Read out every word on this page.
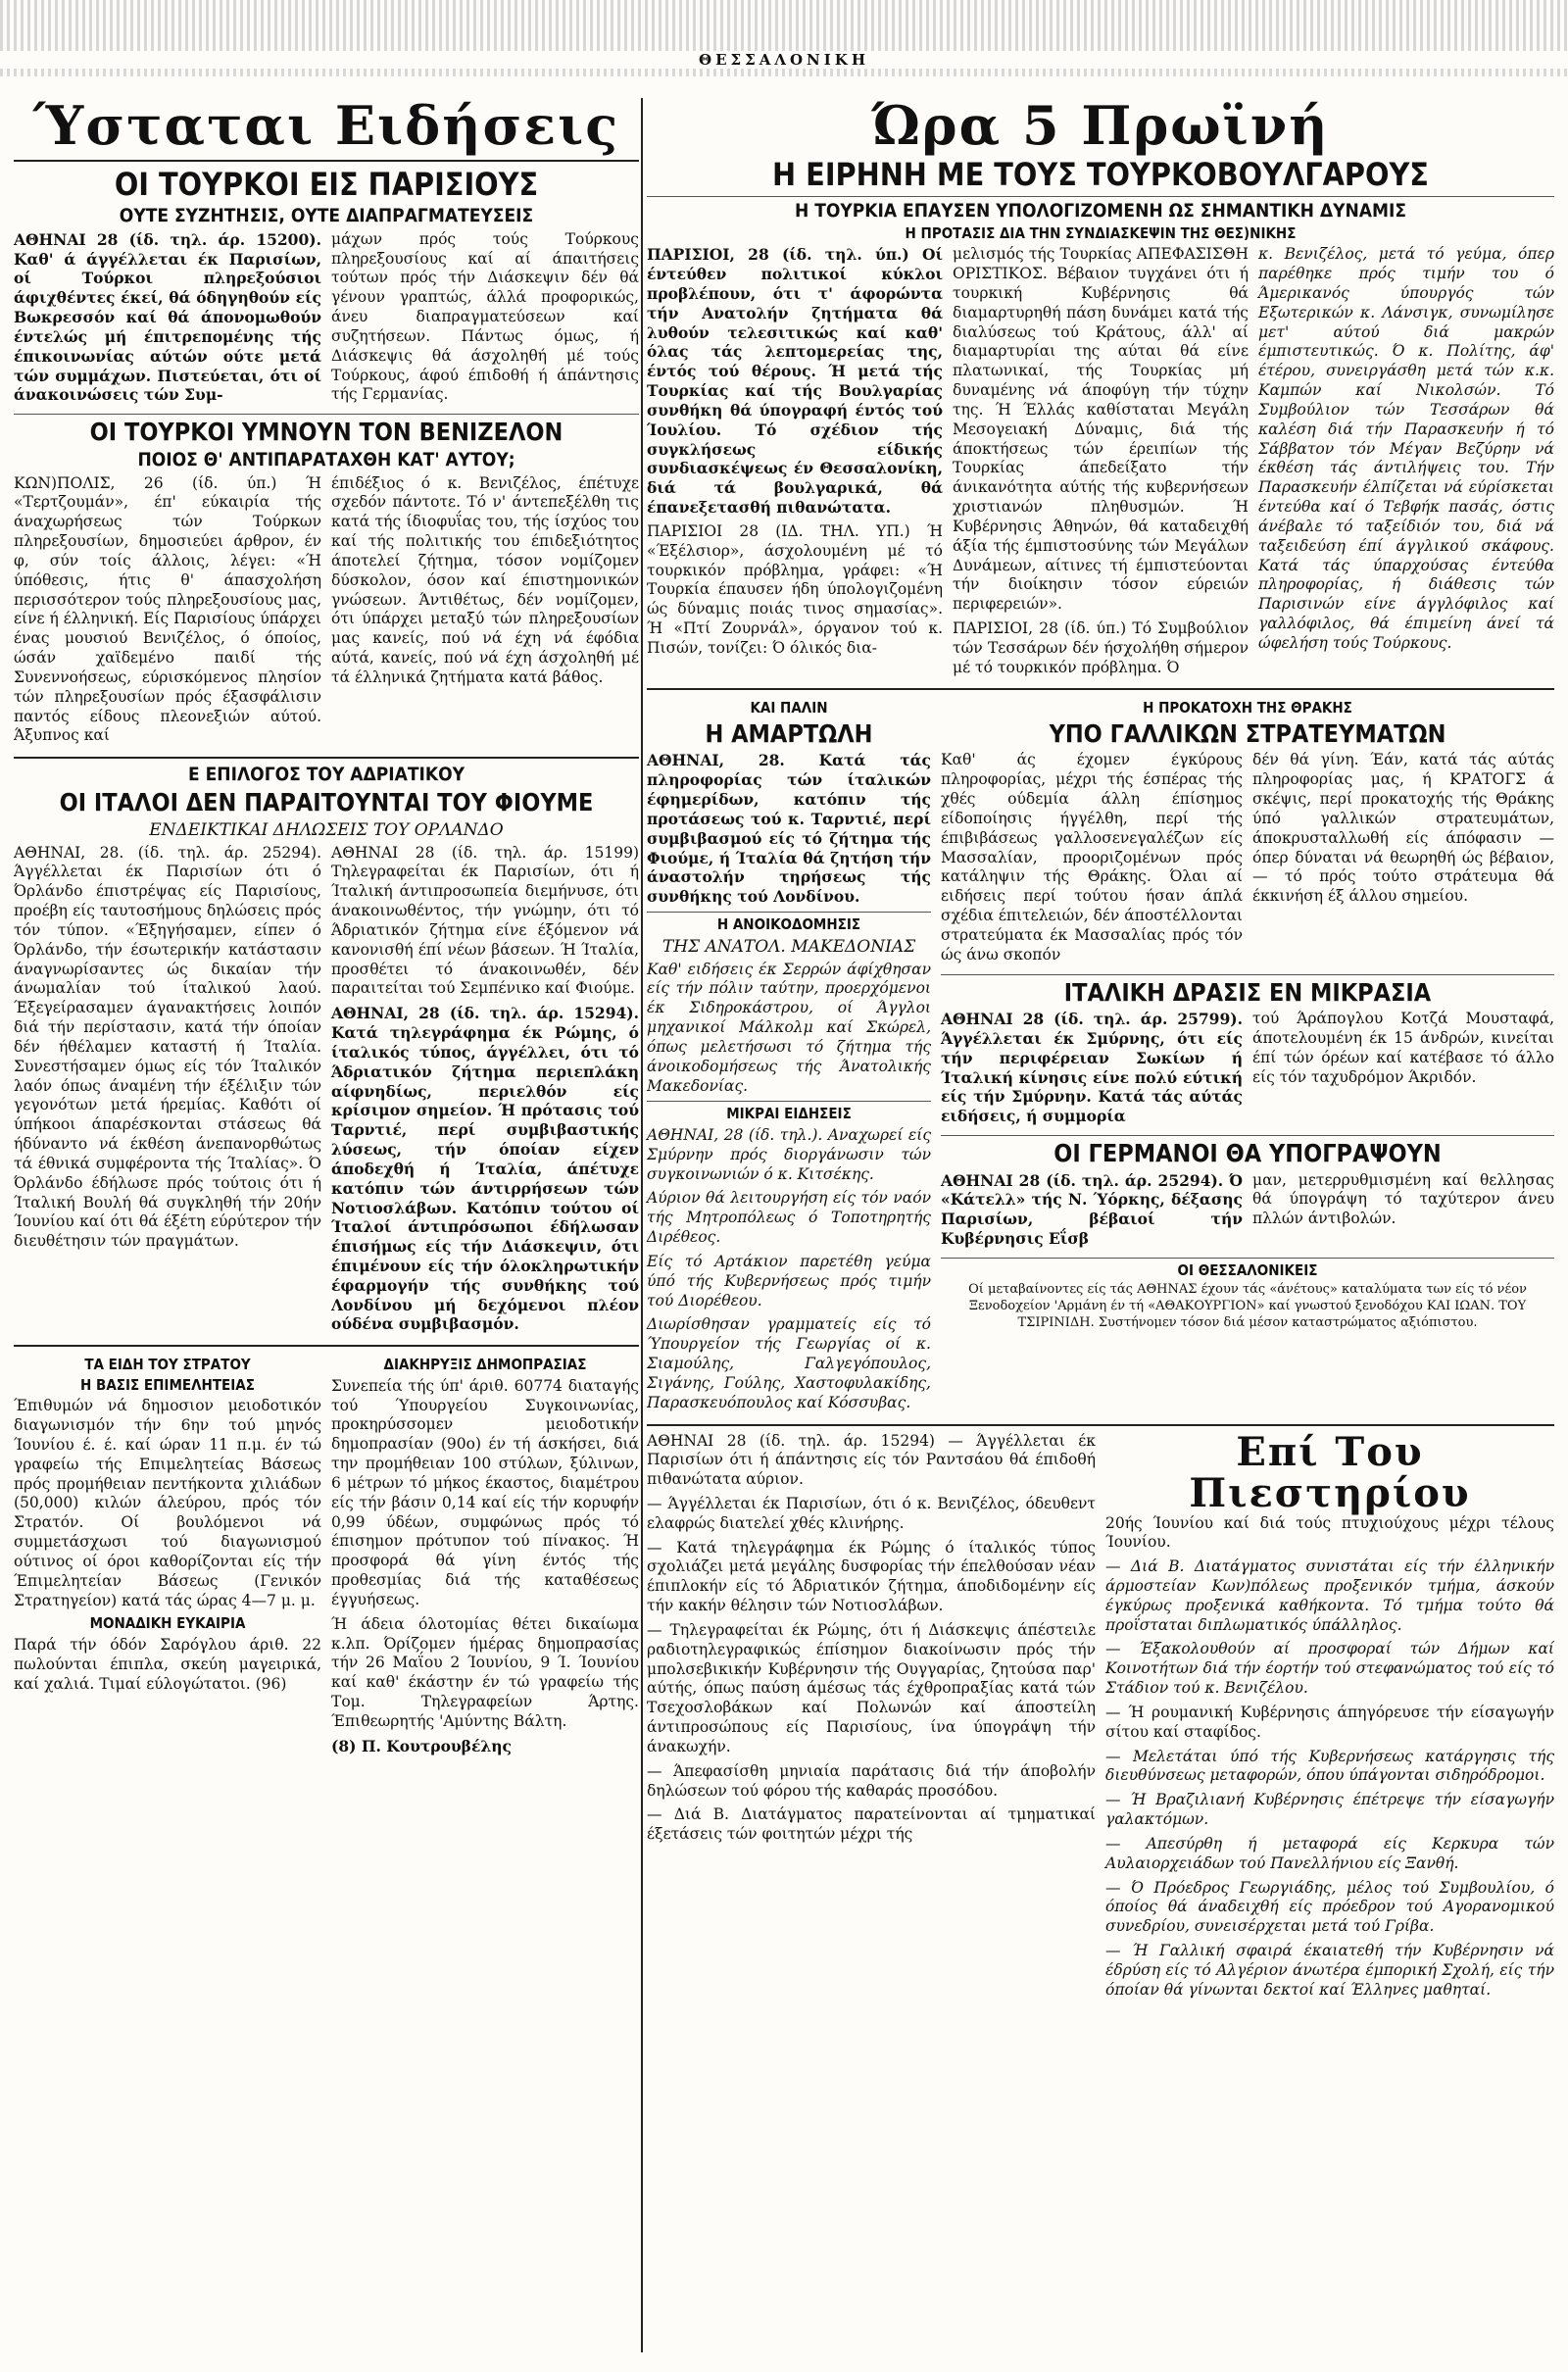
ΘΕΣΣΑΛΟΝΙΚΗ
Ύσταται Ειδήσεις
ΟΙ ΤΟΥΡΚΟΙ ΕΙΣ ΠΑΡΙΣΙΟΥΣ
ΟΥΤΕ ΣΥΖΗΤΗΣΙΣ, ΟΥΤΕ ΔΙΑΠΡΑΓΜΑΤΕΥΣΕΙΣ

ΑΘΗΝΑΙ 28 (ίδ. τηλ. άρ. 15200). Καθ' ά άγγέλλεται έκ Παρισίων, οί Τούρκοι πληρεξούσιοι άφιχθέντες έκεί, θά όδηγηθούν είς Βωκρεσσόν καί θά άπονομωθούν έντελώς μή έπιτρεπομένης τής έπικοινωνίας αύτών ούτε μετά τών συμμάχων. Πιστεύεται, ότι οί άνακοινώσεις τών Συμ-

μάχων πρός τούς Τούρκους πληρεξουσίους καί αί άπαιτήσεις τούτων πρός τήν Διάσκεψιν δέν θά γένουν γραπτώς, άλλά προφορικώς, άνευ διαπραγματεύσεων καί συζητήσεων. Πάντως όμως, ή Διάσκεψις θά άσχοληθή μέ τούς Τούρκους, άφού έπιδοθή ή άπάντησις τής Γερμανίας.

ΟΙ ΤΟΥΡΚΟΙ ΥΜΝΟΥΝ ΤΟΝ ΒΕΝΙΖΕΛΟΝ
ΠΟΙΟΣ Θ' ΑΝΤΙΠΑΡΑΤΑΧΘΗ ΚΑΤ' ΑΥΤΟΥ;

ΚΩΝ)ΠΟΛΙΣ, 26 (ίδ. ύπ.) Ή «Τερτζουμάν», έπ' εύκαιρία τής άναχωρήσεως τών Τούρκων πληρεξουσίων, δημοσιεύει άρθρον, έν φ, σύν τοίς άλλοις, λέγει: «Ή ύπόθεσις, ήτις θ' άπασχολήση περισσότερον τούς πληρεξουσίους μας, είνε ή έλληνική. Είς Παρισίους ύπάρχει ένας μουσιού Βενιζέλος, ό όποίος, ώσάν χαϊδεμένο παιδί τής Συνεννοήσεως, εύρισκόμενος πλησίον τών πληρεξουσίων πρός έξασφάλισιν παντός είδους πλεονεξιών αύτού. Άξυπνος καί

έπιδέξιος ό κ. Βενιζέλος, έπέτυχε σχεδόν πάντοτε. Τό ν' άντεπεξέλθη τις κατά τής ίδιοφυΐας του, τής ίσχύος του καί τής πολιτικής του έπιδεξιότητος άποτελεί ζήτημα, τόσον νομίζομεν δύσκολον, όσον καί έπιστημονικών γνώσεων. Άντιθέτως, δέν νομίζομεν, ότι ύπάρχει μεταξύ τών πληρεξουσίων μας κανείς, πού νά έχη νά έφόδια αύτά, κανείς, πού νά έχη άσχοληθή μέ τά έλληνικά ζητήματα κατά βάθος.

Ε ΕΠΙΛΟΓΟΣ ΤΟΥ ΑΔΡΙΑΤΙΚΟΥ
ΟΙ ΙΤΑΛΟΙ ΔΕΝ ΠΑΡΑΙΤΟΥΝΤΑΙ ΤΟΥ ΦΙΟΥΜΕ
ΕΝΔΕΙΚΤΙΚΑΙ ΔΗΛΩΣΕΙΣ ΤΟΥ ΟΡΛΑΝΔΟ

ΑΘΗΝΑΙ, 28. (ίδ. τηλ. άρ. 25294). Άγγέλλεται έκ Παρισίων ότι ό Όρλάνδο έπιστρέψας είς Παρισίους, προέβη είς ταυτοσήμους δηλώσεις πρός τόν τύπον. «Έξηγήσαμεν, είπεν ό Όρλάνδο, τήν έσωτερικήν κατάστασιν άναγνωρίσαντες ώς δικαίαν τήν άνωμαλίαν τού ίταλικού λαού. Έξεγείρασαμεν άγανακτήσεις λοιπόν διά τήν περίστασιν, κατά τήν όποίαν δέν ήθέλαμεν καταστή ή Ίταλία. Συνεστήσαμεν όμως είς τόν Ίταλικόν λαόν όπως άναμένη τήν έξέλιξιν τών γεγονότων μετά ήρεμίας. Καθότι οί ύπήκοοι άπαρέσκονται στάσεως θά ήδύναντο νά έκθέση άνεπανορθώτως τά έθνικά συμφέροντα τής Ίταλίας». Ό Όρλάνδο έδήλωσε πρός τούτοις ότι ή Ίταλική Βουλή θά συγκληθή τήν 20ήν Ίουνίου καί ότι θά έξέτη εύρύτερον τήν διευθέτησιν τών πραγμάτων.

ΑΘΗΝΑΙ 28 (ίδ. τηλ. άρ. 15199) Τηλεγραφείται έκ Παρισίων, ότι ή Ίταλική άντιπροσωπεία διεμήνυσε, ότι άνακοινωθέντος, τήν γνώμην, ότι τό Άδριατικόν ζήτημα είνε έξόμενον νά κανονισθή έπί νέων βάσεων. Ή Ίταλία, προσθέτει τό άνακοινωθέν, δέν παραιτείται τού Σεμπένικο καί Φιούμε.

ΑΘΗΝΑΙ, 28 (ίδ. τηλ. άρ. 15294). Κατά τηλεγράφημα έκ Ρώμης, ό ίταλικός τύπος, άγγέλλει, ότι τό Άδριατικόν ζήτημα περιεπλάκη αίφνηδίως, περιελθόν είς κρίσιμον σημείον. Ή πρότασις τού Ταρντιέ, περί συμβιβαστικής λύσεως, τήν όποίαν είχεν άποδεχθή ή Ίταλία, άπέτυχε κατόπιν τών άντιρρήσεων τών Νοτιοσλάβων. Κατόπιν τούτου οί Ίταλοί άντιπρόσωποι έδήλωσαν έπισήμως είς τήν Διάσκεψιν, ότι έπιμένουν είς τήν όλοκληρωτικήν έφαρμογήν τής συνθήκης τού Λονδίνου μή δεχόμενοι πλέον ούδένα συμβιβασμόν.

ΤΑ ΕΙΔΗ ΤΟΥ ΣΤΡΑΤΟΥ
Η ΒΑΣΙΣ ΕΠΙΜΕΛΗΤΕΙΑΣ

Έπιθυμών νά δημοσιον μειοδοτικόν διαγωνισμόν τήν 6ην τού μηνός Ίουνίου έ. έ. καί ώραν 11 π.μ. έν τώ γραφείω τής Επιμελητείας Βάσεως πρός προμήθειαν πεντήκοντα χιλιάδων (50,000) κιλών άλεύρου, πρός τόν Στρατόν. Οί βουλόμενοι νά συμμετάσχωσι τού διαγωνισμού ούτινος οί όροι καθορίζονται είς τήν Έπιμελητείαν Βάσεως (Γενικόν Στρατηγείον) κατά τάς ώρας 4—7 μ. μ.

ΜΟΝΑΔΙΚΗ ΕΥΚΑΙΡΙΑ

Παρά τήν όδόν Σαρόγλου άριθ. 22 πωλούνται έπιπλα, σκεύη μαγειρικά, καί χαλιά. Τιμαί εύλογώτατοι. (96)

ΔΙΑΚΗΡΥΞΙΣ ΔΗΜΟΠΡΑΣΙΑΣ

Συνεπεία τής ύπ' άριθ. 60774 διαταγής τού Ύπουργείου Συγκοινωνίας, προκηρύσσομεν μειοδοτικήν δημοπρασίαν (90ο) έν τή άσκήσει, διά την προμήθειαν 100 στύλων, ξύλινων, 6 μέτρων τό μήκος έκαστος, διαμέτρου είς τήν βάσιν 0,14 καί είς τήν κορυφήν 0,99 ύδέων, συμφώνως πρός τό έπισημον πρότυπον τού πίνακος. Ή προσφορά θά γίνη έντός τής προθεσμίας διά τής καταθέσεως έγγυήσεως.

Ή άδεια όλοτομίας θέτει δικαίωμα κ.λπ. Όρίζομεν ήμέρας δημοπρασίας τήν 26 Μαΐου 2 Ίουνίου, 9 Ί. Ίουνίου καί καθ' έκάστην έν τώ γραφείω τής Τομ. Τηλεγραφείων Άρτης. Έπιθεωρητής 'Αμύντης Βάλτη.

(8) Π. Κουτρουβέλης

Ώρα 5 Πρωϊνή
Η ΕΙΡΗΝΗ ΜΕ ΤΟΥΣ ΤΟΥΡΚΟΒΟΥΛΓΑΡΟΥΣ
Η ΤΟΥΡΚΙΑ ΕΠΑΥΣΕΝ ΥΠΟΛΟΓΙΖΟΜΕΝΗ ΩΣ ΣΗΜΑΝΤΙΚΗ ΔΥΝΑΜΙΣ
Η ΠΡΟΤΑΣΙΣ ΔΙΑ ΤΗΝ ΣΥΝΔΙΑΣΚΕΨΙΝ ΤΗΣ ΘΕΣ)ΝΙΚΗΣ

ΠΑΡΙΣΙΟΙ, 28 (ίδ. τηλ. ύπ.) Οί έντεύθεν πολιτικοί κύκλοι προβλέπουν, ότι τ' άφορώντα τήν Ανατολήν ζητήματα θά λυθούν τελεσιτικώς καί καθ' όλας τάς λεπτομερείας της, έντός τού θέρους. Ή μετά τής Τουρκίας καί τής Βουλγαρίας συνθήκη θά ύπογραφή έντός τού Ίουλίου. Τό σχέδιον τής συγκλήσεως είδικής συνδιασκέψεως έν Θεσσαλονίκη, διά τά βουλγαρικά, θά έπανεξετασθή πιθανώτατα.

ΠΑΡΙΣΙΟΙ 28 (ΙΔ. ΤΗΛ. ΥΠ.) Ή «Έξέλσιορ», άσχολουμένη μέ τό τουρκικόν πρόβλημα, γράφει: «Ή Τουρκία έπαυσεν ήδη ύπολογιζομένη ώς δύναμις ποιάς τινος σημασίας». Ή «Πτί Ζουρνάλ», όργανον τού κ. Πισών, τονίζει: Ό όλικός δια-

μελισμός τής Τουρκίας ΑΠΕΦΑΣΙΣΘΗ ΟΡΙΣΤΙΚΟΣ. Βέβαιον τυγχάνει ότι ή τουρκική Κυβέρνησις θά διαμαρτυρηθή πάση δυνάμει κατά τής διαλύσεως τού Κράτους, άλλ' αί διαμαρτυρίαι της αύται θά είνε πλατωνικαί, τής Τουρκίας μή δυναμένης νά άποφύγη τήν τύχην της. Ή Έλλάς καθίσταται Μεγάλη Μεσογειακή Δύναμις, διά τής άποκτήσεως τών έρειπίων τής Τουρκίας άπεδείξατο τήν άνικανότητα αύτής τής κυβερνήσεων χριστιανών πληθυσμών. Ή Κυβέρνησις Άθηνών, θά καταδειχθή άξία τής έμπιστοσύνης τών Μεγάλων Δυνάμεων, αίτινες τή έμπιστεύονται τήν διοίκησιν τόσον εύρειών περιφερειών».

ΠΑΡΙΣΙΟΙ, 28 (ίδ. ύπ.) Τό Συμβούλιον τών Τεσσάρων δέν ήσχολήθη σήμερον μέ τό τουρκικόν πρόβλημα. Ό

κ. Βενιζέλος, μετά τό γεύμα, όπερ παρέθηκε πρός τιμήν του ό Άμερικανός ύπουργός τών Εξωτερικών κ. Λάνσιγκ, συνωμίλησε μετ' αύτού διά μακρών έμπιστευτικώς. Ό κ. Πολίτης, άφ' έτέρου, συνειργάσθη μετά τών κ.κ. Καμπών καί Νικολσών. Τό Συμβούλιον τών Τεσσάρων θά καλέση διά τήν Παρασκευήν ή τό Σάββατον τόν Μέγαν Βεζύρην νά έκθέση τάς άντιλήψεις του. Τήν Παρασκευήν έλπίζεται νά εύρίσκεται έντεύθα καί ό Τεβφήκ πασάς, όστις άνέβαλε τό ταξείδιόν του, διά νά ταξειδεύση έπί άγγλικού σκάφους. Κατά τάς ύπαρχούσας έντεύθα πληροφορίας, ή διάθεσις τών Παρισινών είνε άγγλόφιλος καί γαλλόφιλος, θά έπιμείνη άνεί τά ώφελήση τούς Τούρκους.

ΚΑΙ ΠΑΛΙΝ
Η ΑΜΑΡΤΩΛΗ

ΑΘΗΝΑΙ, 28. Κατά τάς πληροφορίας τών ίταλικών έφημερίδων, κατόπιν τής προτάσεως τού κ. Ταρντιέ, περί συμβιβασμού είς τό ζήτημα τής Φιούμε, ή Ίταλία θά ζητήση τήν άναστολήν τηρήσεως τής συνθήκης τού Λονδίνου.

Η ΑΝΟΙΚΟΔΟΜΗΣΙΣ
ΤΗΣ ΑΝΑΤΟΛ. ΜΑΚΕΔΟΝΙΑΣ

Καθ' ειδήσεις έκ Σερρών άφίχθησαν είς τήν πόλιν ταύτην, προερχόμενοι έκ Σιδηροκάστρου, οί Άγγλοι μηχανικοί Μάλκολμ καί Σκώρελ, όπως μελετήσωσι τό ζήτημα τής άνοικοδομήσεως τής Άνατολικής Μακεδονίας.

ΜΙΚΡΑΙ ΕΙΔΗΣΕΙΣ

ΑΘΗΝΑΙ, 28 (ίδ. τηλ.). Αναχωρεί είς Σμύρνην πρός διοργάνωσιν τών συγκοινωνιών ό κ. Κιτσέκης.

Αύριον θά λειτουργήση είς τόν ναόν τής Μητροπόλεως ό Τοποτηρητής Διρέθεος.

Είς τό Αρτάκιον παρετέθη γεύμα ύπό τής Κυβερνήσεως πρός τιμήν τού Διορέθεου.

Διωρίσθησαν γραμματείς είς τό Ύπουργείον τής Γεωργίας οί κ. Σιαμούλης, Γαλγεγόπουλος, Σιγάνης, Γούλης, Χαστοφυλακίδης, Παρασκευόπουλος καί Κόσσυβας.

Η ΠΡΟΚΑΤΟΧΗ ΤΗΣ ΘΡΑΚΗΣ
ΥΠΟ ΓΑΛΛΙΚΩΝ ΣΤΡΑΤΕΥΜΑΤΩΝ

Καθ' άς έχομεν έγκύρους πληροφορίας, μέχρι τής έσπέρας τής χθές ούδεμία άλλη έπίσημος είδοποίησις ήγγέλθη, περί τής έπιβιβάσεως γαλλοσενεγαλέζων είς Μασσαλίαν, προοριζομένων πρός κατάληψιν τής Θράκης. Όλαι αί ειδήσεις περί τούτου ήσαν άπλά σχέδια έπιτελειών, δέν άποστέλλονται στρατεύματα έκ Μασσαλίας πρός τόν ώς άνω σκοπόν

δέν θά γίνη. Έάν, κατά τάς αύτάς πληροφορίας μας, ή ΚΡΑΤΟΓΣ ά σκέψις, περί προκατοχής τής Θράκης ύπό γαλλικών στρατευμάτων, άποκρυσταλλωθή είς άπόφασιν — όπερ δύναται νά θεωρηθή ώς βέβαιον, — τό πρός τούτο στράτευμα θά έκκινήση έξ άλλου σημείου.

ΙΤΑΛΙΚΗ ΔΡΑΣΙΣ ΕΝ ΜΙΚΡΑΣΙΑ

ΑΘΗΝΑΙ 28 (ίδ. τηλ. άρ. 25799). Άγγέλλεται έκ Σμύρνης, ότι είς τήν περιφέρειαν Σωκίων ή Ίταλική κίνησις είνε πολύ εύτική είς τήν Σμύρνην. Κατά τάς αύτάς ειδήσεις, ή συμμορία

τού Άράπογλου Κοτζά Μουσταφά, άποτελουμένη έκ 15 άνδρών, κινείται έπί τών όρέων καί κατέβασε τό άλλο είς τόν ταχυδρόμον Άκριδόν.

ΟΙ ΓΕΡΜΑΝΟΙ ΘΑ ΥΠΟΓΡΑΨΟΥΝ

ΑΘΗΝΑΙ 28 (ίδ. τηλ. άρ. 25294). Ό «Κάτελλ» τής Ν. Ύόρκης, δέξασης Παρισίων, βέβαιοί τήν Κυβέρνησις Εΐσβ

μαν, μετερρυθμισμένη καί θελλησας θά ύπογράψη τό ταχύτερον άνευ πλλών άντιβολών.

ΟΙ ΘΕΣΣΑΛΟΝΙΚΕΙΣ
Οί μεταβαίνοντες είς τάς ΑΘΗΝΑΣ έχουν τάς «άνέτους» καταλύματα των είς τό νέον Ξενοδοχείον 'Αρμάνη έν τή «ΑΘΑΚΟΥΡΓΙΟΝ» καί γνωστού ξενοδόχου ΚΑΙ ΙΩΑΝ. ΤΟΥ ΤΣΙΡΙΝΙΔΗ. Συστήνομεν τόσον διά μέσον καταστρώματος αξιόπιστου.

ΑΘΗΝΑΙ 28 (ίδ. τηλ. άρ. 15294) — Άγγέλλεται έκ Παρισίων ότι ή άπάντησις είς τόν Ραντσάου θά έπιδοθή πιθανώτατα αύριον.

— Άγγέλλεται έκ Παρισίων, ότι ό κ. Βενιζέλος, όδευθεντ ελαφρώς διατελεί χθές κλινήρης.

— Κατά τηλεγράφημα έκ Ρώμης ό ίταλικός τύπος σχολιάζει μετά μεγάλης δυσφορίας τήν έπελθούσαν νέαν έπιπλοκήν είς τό Άδριατικόν ζήτημα, άποδιδομένην είς τήν κακήν θέλησιν τών Νοτιοσλάβων.

— Τηλεγραφείται έκ Ρώμης, ότι ή Διάσκεψις άπέστειλε ραδιοτηλεγραφικώς έπίσημον διακοίνωσιν πρός τήν μπολσεβικικήν Κυβέρνησιν τής Ουγγαρίας, ζητούσα παρ' αύτής, όπως παύση άμέσως τάς έχθροπραξίας κατά τών Τσεχοσλοβάκων καί Πολωνών καί άποστείλη άντιπροσώπους είς Παρισίους, ίνα ύπογράψη τήν άνακωχήν.

— Άπεφασίσθη μηνιαία παράτασις διά τήν άποβολήν δηλώσεων τού φόρου τής καθαράς προσόδου.

— Διά Β. Διατάγματος παρατείνονται αί τμηματικαί έξετάσεις τών φοιτητών μέχρι τής

Επί Του Πιεστηρίου

20ής Ίουνίου καί διά τούς πτυχιούχους μέχρι τέλους Ίουνίου.

— Διά Β. Διατάγματος συνιστάται είς τήν έλληνικήν άρμοστείαν Κων)πόλεως προξενικόν τμήμα, άσκούν έγκύρως προξενικά καθήκοντα. Τό τμήμα τούτο θά προΐσταται διπλωματικός ύπάλληλος.

— Έξακολουθούν αί προσφοραί τών Δήμων καί Κοινοτήτων διά τήν έορτήν τού στεφανώματος τού είς τό Στάδιον τού κ. Βενιζέλου.

— Ή ρουμανική Κυβέρνησις άπηγόρευσε τήν είσαγωγήν σίτου καί σταφίδος.

— Μελετάται ύπό τής Κυβερνήσεως κατάργησις τής διευθύνσεως μεταφορών, όπου ύπάγονται σιδηρόδρομοι.

— Ή Βραζιλιανή Κυβέρνησις έπέτρεψε τήν είσαγωγήν γαλακτόμων.

— Απεσύρθη ή μεταφορά είς Κερκυρα τών Αυλαιορχειάδων τού Πανελλήνιου είς Ξανθή.

— Ό Πρόεδρος Γεωργιάδης, μέλος τού Συμβουλίου, ό όποίος θά άναδειχθή είς πρόεδρον τού Αγορανομικού συνεδρίου, συνεισέρχεται μετά τού Γρίβα.

— Ή Γαλλική σφαιρά έκαιατεθή τήν Κυβέρνησιν νά έδρύση είς τό Αλγέριον άνωτέρα έμπορική Σχολή, είς τήν όποίαν θά γίνωνται δεκτοί καί Έλληνες μαθηταί.
